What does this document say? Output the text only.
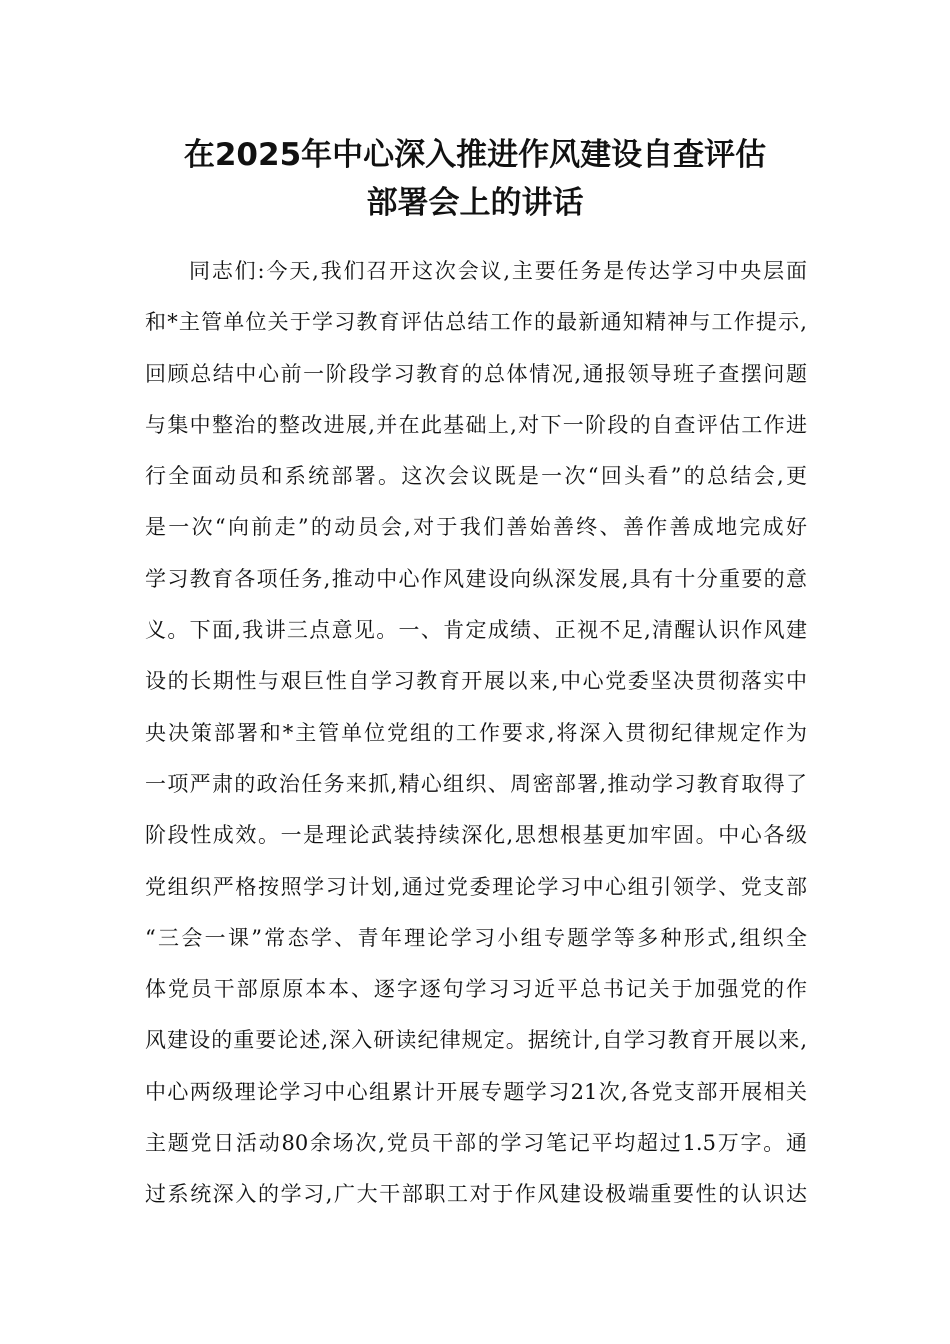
在2025年中心深入推进作风建设自查评估
部署会上的讲话
同志们:今天,我们召开这次会议,主要任务是传达学习中央层面
和*主管单位关于学习教育评估总结工作的最新通知精神与工作提示,
回顾总结中心前一阶段学习教育的总体情况,通报领导班子查摆问题
与集中整治的整改进展,并在此基础上,对下一阶段的自查评估工作进
行全面动员和系统部署。这次会议既是一次“回头看”的总结会,更
是一次“向前走”的动员会,对于我们善始善终、善作善成地完成好
学习教育各项任务,推动中心作风建设向纵深发展,具有十分重要的意
义。下面,我讲三点意见。一、肯定成绩、正视不足,清醒认识作风建
设的长期性与艰巨性自学习教育开展以来,中心党委坚决贯彻落实中
央决策部署和*主管单位党组的工作要求,将深入贯彻纪律规定作为
一项严肃的政治任务来抓,精心组织、周密部署,推动学习教育取得了
阶段性成效。一是理论武装持续深化,思想根基更加牢固。中心各级
党组织严格按照学习计划,通过党委理论学习中心组引领学、党支部
“三会一课”常态学、青年理论学习小组专题学等多种形式,组织全
体党员干部原原本本、逐字逐句学习习近平总书记关于加强党的作
风建设的重要论述,深入研读纪律规定。据统计,自学习教育开展以来,
中心两级理论学习中心组累计开展专题学习21次,各党支部开展相关
主题党日活动80余场次,党员干部的学习笔记平均超过1.5万字。通
过系统深入的学习,广大干部职工对于作风建设极端重要性的认识达
